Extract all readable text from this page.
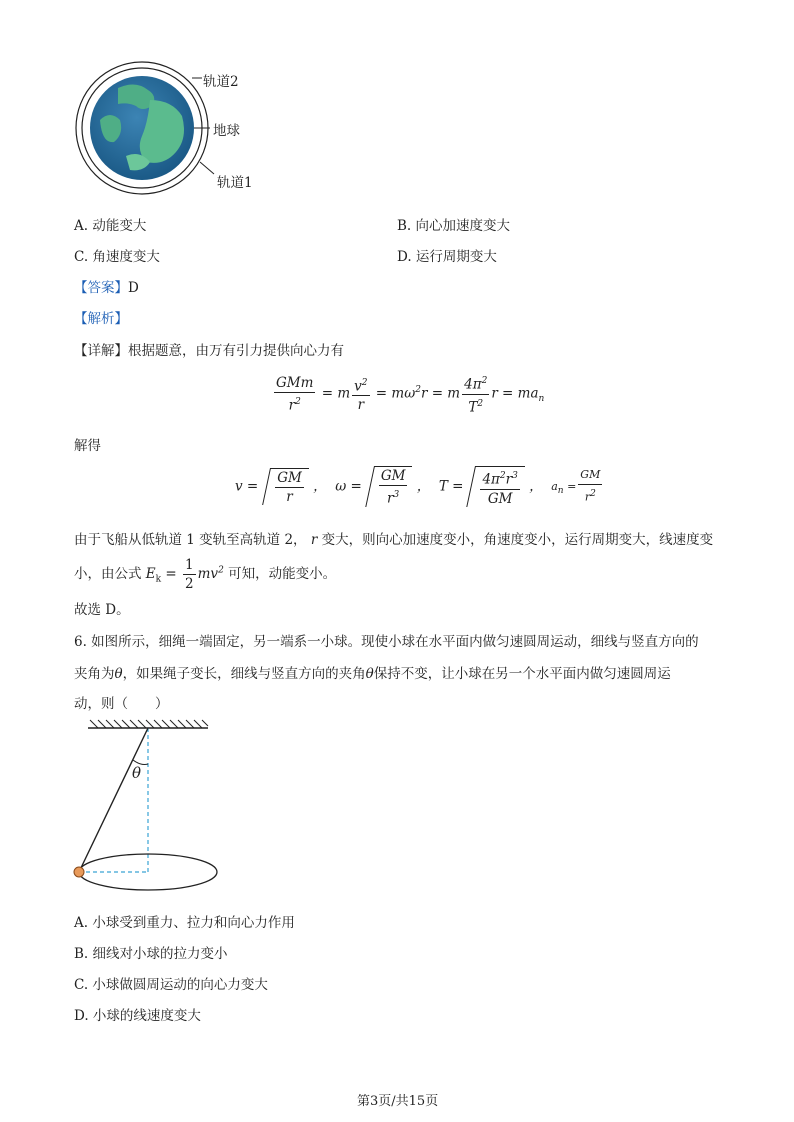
轨道2
地球
轨道1
A. 动能变大	B. 向心加速度变大
C. 角速度变大	D. 运行周期变大
【答案】D
【解析】
【详解】根据题意，由万有引力提供向心力有
$\frac{\text{GMm}}{r^2} = m \frac{v^2}{r} = m\omega^2r = m \frac{4\pi^2}{T^2}$ $r = ma_n$
解得
$v = \frac{GM}{r}$ ，  $\omega = \frac{GM}{r^3}$ ，  $T = \frac{4\pi^2r^3}{GM}$ ，  $a_n = \frac{GM}{r^2}$
由于飞船从低轨道 1 变轨至高轨道 2， r 变大，则向心加速度变小，角速度变小，运行周期变大，线速度变
小，由公式 $E_k = \frac{1}{2} mv^2$ 可知，动能变小。
故选 D。
6. 如图所示，细绳一端固定，另一端系一小球。现使小球在水平面内做匀速圆周运动，细线与竖直方向的
夹角为θ，如果绳子变长，细线与竖直方向的夹角θ保持不变，让小球在另一个水平面内做匀速圆周运
动，则（　　）
θ
A. 小球受到重力、拉力和向心力作用
B. 细线对小球的拉力变小
C. 小球做圆周运动的向心力变大
D. 小球的线速度变大
第3页/共15页
